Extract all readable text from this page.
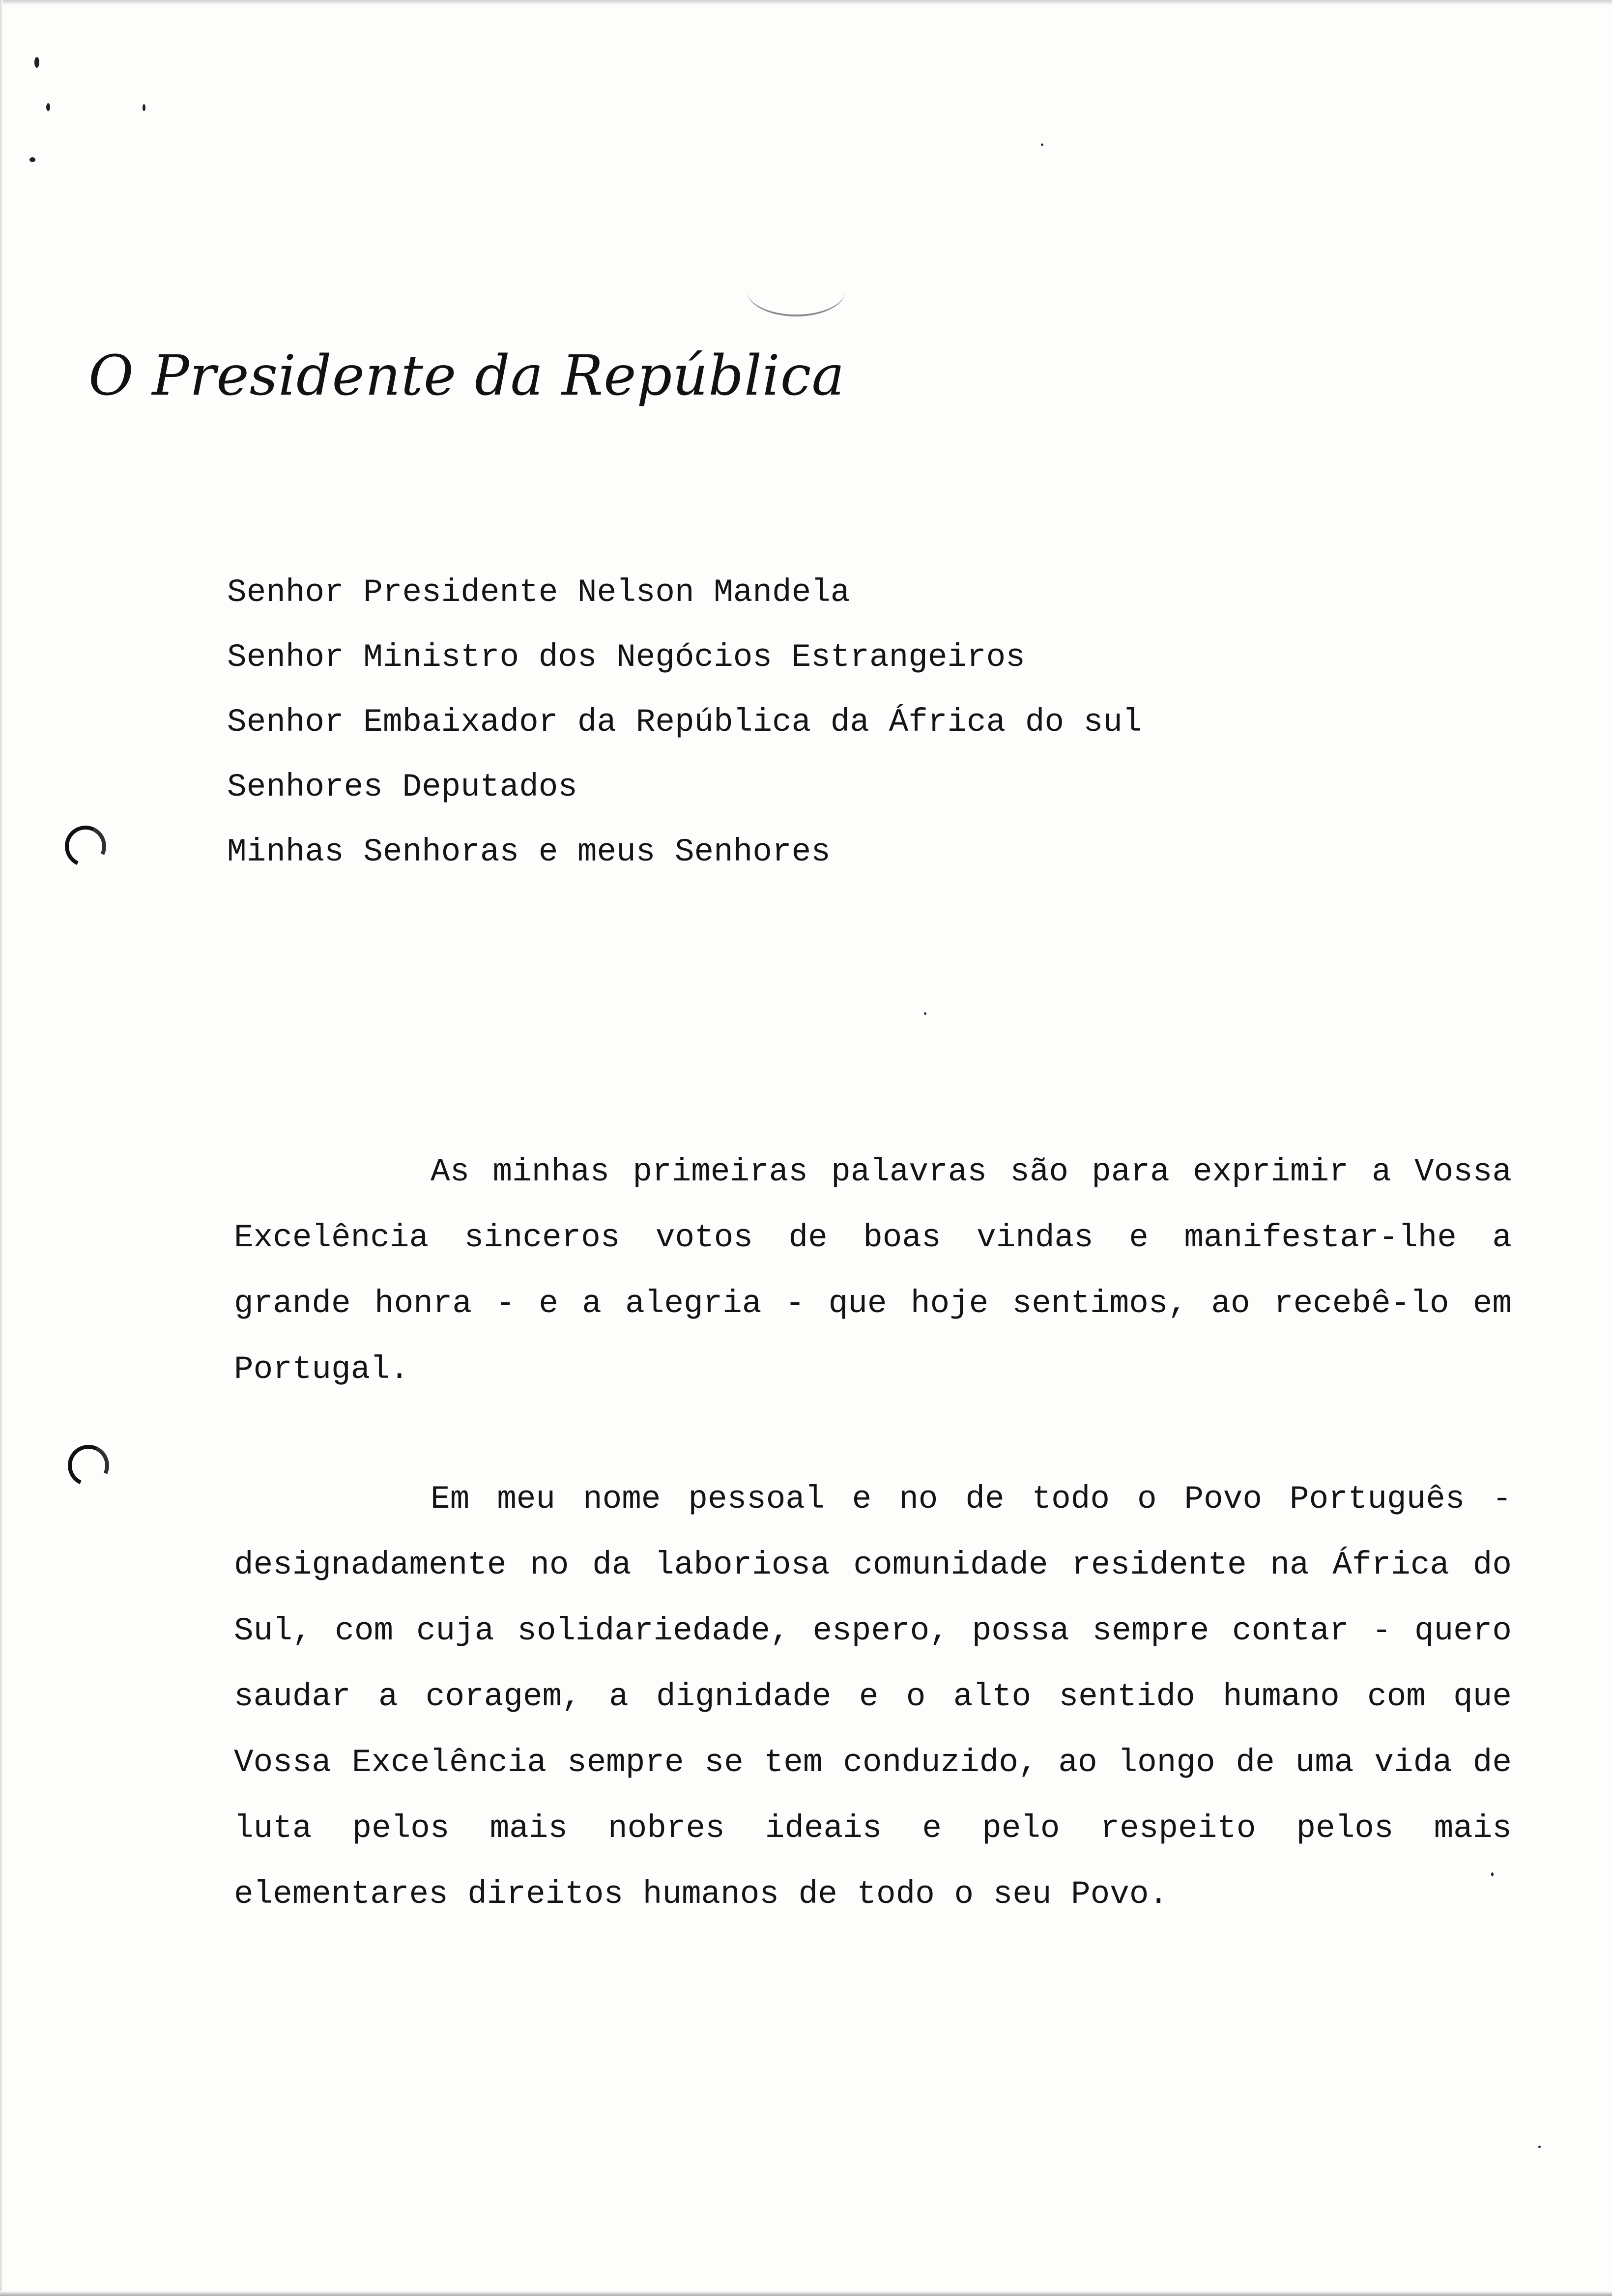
O Presidente da República
Senhor Presidente Nelson Mandela
Senhor Ministro dos Negócios Estrangeiros
Senhor Embaixador da República da África do sul
Senhores Deputados
Minhas Senhoras e meus Senhores

As minhas primeiras palavras são para exprimir a Vossa Excelência sinceros votos de boas vindas e manifestar-lhe a grande honra - e a alegria - que hoje sentimos, ao recebê-lo em Portugal.

Em meu nome pessoal e no de todo o Povo Português - designadamente no da laboriosa comunidade residente na África do Sul, com cuja solidariedade, espero, possa sempre contar - quero saudar a coragem, a dignidade e o alto sentido humano com que Vossa Excelência sempre se tem conduzido, ao longo de uma vida de luta pelos mais nobres ideais e pelo respeito pelos mais elementares direitos humanos de todo o seu Povo.
